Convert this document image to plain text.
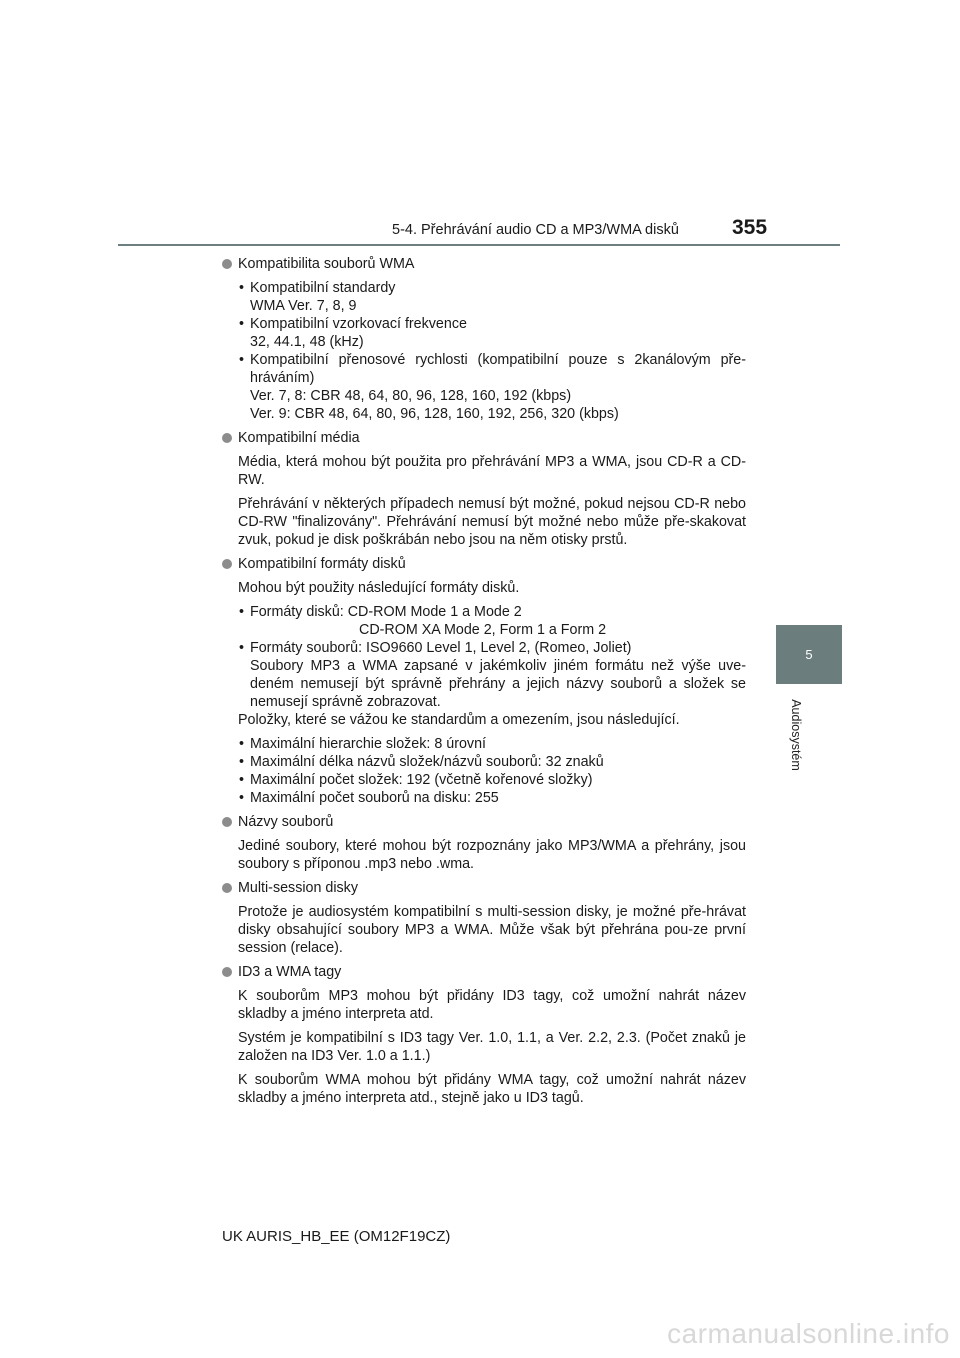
5-4. Přehrávání audio CD a MP3/WMA disků	355
5
Audiosystém
Kompatibilita souborů WMA
• Kompatibilní standardy
WMA Ver. 7, 8, 9
• Kompatibilní vzorkovací frekvence
32, 44.1, 48 (kHz)
• Kompatibilní přenosové rychlosti (kompatibilní pouze s 2kanálovým pře-hráváním)
Ver. 7, 8: CBR 48, 64, 80, 96, 128, 160, 192 (kbps)
Ver. 9: CBR 48, 64, 80, 96, 128, 160, 192, 256, 320 (kbps)
Kompatibilní média

Média, která mohou být použita pro přehrávání MP3 a WMA, jsou CD-R a CD-RW.

Přehrávání v některých případech nemusí být možné, pokud nejsou CD-R nebo CD-RW "finalizovány". Přehrávání nemusí být možné nebo může pře-skakovat zvuk, pokud je disk poškrábán nebo jsou na něm otisky prstů.

Kompatibilní formáty disků

Mohou být použity následující formáty disků.

• Formáty disků: CD-ROM Mode 1 a Mode 2
CD-ROM XA Mode 2, Form 1 a Form 2
• Formáty souborů: ISO9660 Level 1, Level 2, (Romeo, Joliet)
Soubory MP3 a WMA zapsané v jakémkoliv jiném formátu než výše uve-deném nemusejí být správně přehrány a jejich názvy souborů a složek se nemusejí správně zobrazovat.

Položky, které se vážou ke standardům a omezením, jsou následující.

• Maximální hierarchie složek: 8 úrovní
• Maximální délka názvů složek/názvů souborů: 32 znaků
• Maximální počet složek: 192 (včetně kořenové složky)
• Maximální počet souborů na disku: 255
Názvy souborů

Jediné soubory, které mohou být rozpoznány jako MP3/WMA a přehrány, jsou soubory s příponou .mp3 nebo .wma.

Multi-session disky

Protože je audiosystém kompatibilní s multi-session disky, je možné pře-hrávat disky obsahující soubory MP3 a WMA. Může však být přehrána pou-ze první session (relace).

ID3 a WMA tagy

K souborům MP3 mohou být přidány ID3 tagy, což umožní nahrát název skladby a jméno interpreta atd.

Systém je kompatibilní s ID3 tagy Ver. 1.0, 1.1, a Ver. 2.2, 2.3. (Počet znaků je založen na ID3 Ver. 1.0 a 1.1.)

K souborům WMA mohou být přidány WMA tagy, což umožní nahrát název skladby a jméno interpreta atd., stejně jako u ID3 tagů.

UK AURIS_HB_EE (OM12F19CZ)
carmanualsonline.info
